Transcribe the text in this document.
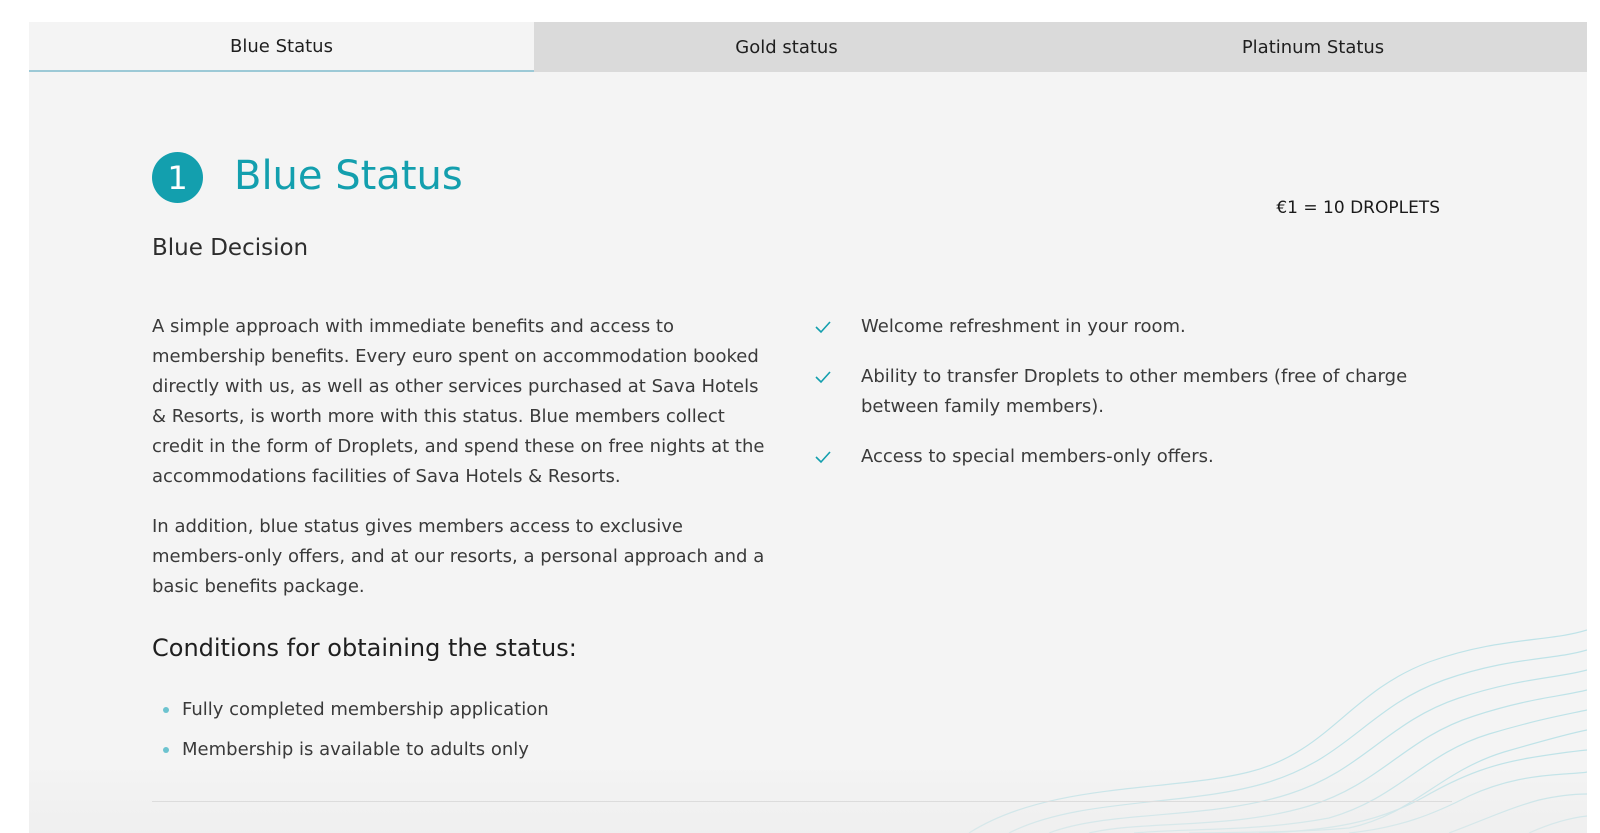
Blue Status	Gold status	Platinum Status
1	Blue Status
€1 = 10 DROPLETS
Blue Decision

A simple approach with immediate benefits and access to membership benefits. Every euro spent on accommodation booked directly with us, as well as other services purchased at Sava Hotels & Resorts, is worth more with this status. Blue members collect credit in the form of Droplets, and spend these on free nights at the accommodations facilities of Sava Hotels & Resorts.

In addition, blue status gives members access to exclusive members-only offers, and at our resorts, a personal approach and a basic benefits package.

Conditions for obtaining the status:
Fully completed membership application
Membership is available to adults only
Welcome refreshment in your room.
Ability to transfer Droplets to other members (free of charge between family members).
Access to special members-only offers.
